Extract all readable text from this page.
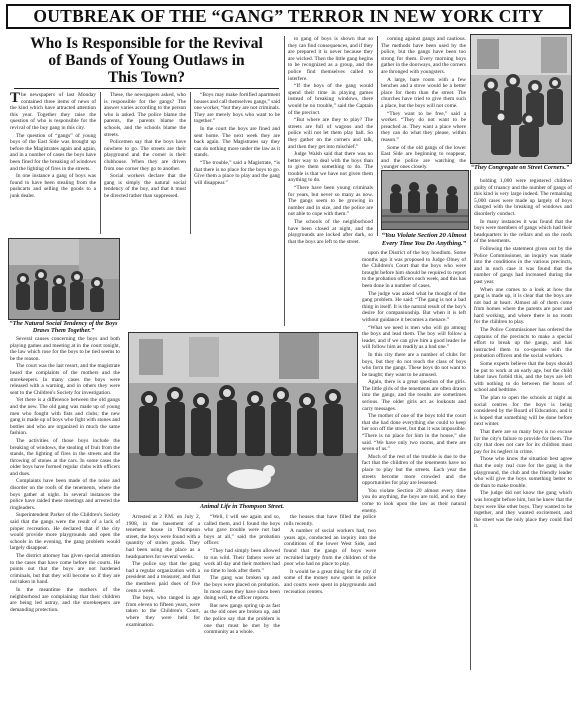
OUTBREAK OF THE “GANG” TERROR IN NEW YORK CITY
Who Is Responsible for the Revival
of Bands of Young Outlaws in
This Town?

The newspapers of last Monday contained three items of news of the kind which have attracted attention this year. Together they raise the question of who is responsible for the revival of the boy gang in this city.

The question of “gangs” of young boys of the East Side was brought up before the Magistrates again and again, and in a number of cases the boys have been fined for the breaking of windows and the lighting of fires in the streets.

In one instance a gang of boys was found to have been stealing from the pushcarts and selling the goods to a junk dealer.

These, the newspapers asked, who is responsible for the gangs? The answer varies according to the person who is asked. The police blame the parents, the parents blame the schools, and the schools blame the streets.

Policemen say that the boys have nowhere to go. The streets are their playground and the corner is their clubhouse. When they are driven from one corner they go to another.

Social workers declare that the gang is simply the natural social tendency of the boy, and that it must be directed rather than suppressed.

“Boys may make fortified apartment houses and call themselves gangs,” said one worker, “but they are not criminals. They are merely boys who want to be together.”

In the court the boys are fined and sent home. The next week they are back again. The Magistrates say they can do nothing more under the law as it stands.

“The trouble,” said a Magistrate, “is that there is no place for the boys to go. Give them a place to play and the gang will disappear.”

to gang of boys is shown that so they can find consequences, and if they are prepared it is never because they are wicked. Then the little gang begins to be recognized as a group, and the police find themselves called to interfere.

“If the boys of the gang would spend their time in playing games instead of breaking windows, there would be no trouble,” said the Captain of the precinct.

“But where are they to play? The streets are full of wagons and the police will not let them play ball. So they gather on the corners and talk, and then they get into mischief.”

Judge Walsh said that there was no better way to deal with the boys than to give them something to do. The trouble is that we have not given them anything to do.

“There have been young criminals for years, but never so many as now. The gangs seem to be growing in number and in size, and the police are not able to cope with them.”

The schools of the neighborhood have been closed at night, and the playgrounds are locked after dark, so that the boys are left to the street.

coming against gangs and cautious. The methods have been used by the police, but the gangs have been too strong for them. Every morning boys gather in the doorways, and the corners are thronged with youngsters.

A large, bare room with a few benches and a stove would be a better place for them than the street. The churches have tried to give them such a place, but the boys will not come.

“They want to be free,” said a worker. “They do not want to be preached at. They want a place where they can do what they please, within reason.”

Some of the old gangs of the lower East Side are beginning to reappear, and the police are watching the younger ones closely.	“They Congregate on Street Corners.”
“You Violate Section 20 Almost
Every Time You Do Anything.”
“The Natural Social Tendency of the Boys Draws Them Together.”

Several causes concerning the boys and both playing games and meeting at in the court tonight, the law which rose for the boys to be tied seems to be the reason.

The court was the last resort, and the magistrate heard the complaints of the mothers and the storekeepers. In many cases the boys were released with a warning, and in others they were sent to the Children's Society for investigation.

Yet there is a difference between the old gangs and the new. The old gang was made up of young men who fought with fists and clubs; the new gang is made up of boys who fight with stones and bottles and who are organized in much the same fashion.

The activities of those boys include the breaking of windows, the stealing of fruit from the stands, the lighting of fires in the streets and the throwing of stones at the cars. In some cases the older boys have formed regular clubs with officers and dues.

Complaints have been made of the noise and disorder on the roofs of the tenements, where the boys gather at night. In several instances the police have raided these meetings and arrested the ringleaders.

Superintendent Parker of the Children's Society said that the gangs were the result of a lack of proper recreation. He declared that if the city would provide more playgrounds and open the schools in the evening, the gang problem would largely disappear.

The district attorney has given special attention to the cases that have come before the courts. He points out that the boys are not hardened criminals, but that they will become so if they are not taken in hand.

In the meantime the mothers of the neighborhood are complaining that their children are being led astray, and the storekeepers are demanding protection.

Animal Life in Thompson Street.

Arrested at 2 P.M. on July 2, 1908, in the basement of a tenement house in Thompson street, the boys were found with a quantity of stolen goods. They had been using the place as a headquarters for several weeks.

The police say that the gang had a regular organization with a president and a treasurer, and that the members paid dues of five cents a week.

The boys, who ranged in age from eleven to fifteen years, were taken to the Children's Court, where they were held for examination.

“Well, I will see again and so, called them, and I found the boys who gave trouble were not bad boys at all,” said the probation officer.

“They had simply been allowed to run wild. Their fathers were at work all day and their mothers had no time to look after them.”

The gang was broken up and the boys were placed on probation. In most cases they have since been doing well, the officer reports.

But new gangs spring up as fast as the old ones are broken up, and the police say that the problem is one that must be met by the community as a whole.

the houses that have filled the police rolls recently.

A number of social workers had, two years ago, conducted an inquiry into the conditions of the lower West Side, and found that the gangs of boys were recruited largely from the children of the poor who had no place to play.

It would be a great thing for the city if some of the money now spent in police and courts were spent in playgrounds and recreation centers.

upon the District of the boy hoodlum. Some months ago it was proposed to Judge Olney of the Children's Court that the boys who were brought before him should be required to report to the probation officers each week, and this has been done in a number of cases.

The judge was asked what he thought of the gang problem. He said: “The gang is not a bad thing in itself. It is the natural result of the boy's desire for companionship. But when it is left without guidance it becomes a menace.”

“What we need is men who will go among the boys and lead them. The boy will follow a leader, and if we can give him a good leader he will follow him as readily as a bad one.”

In this city there are a number of clubs for boys, but they do not reach the class of boys who form the gangs. These boys do not want to be taught; they want to be amused.

Again, there is a great question of the girls. The little girls of the tenements are often drawn into the gangs, and the results are sometimes serious. The older girls act as lookouts and carry messages.

The mother of one of the boys told the court that she had done everything she could to keep her son off the street, but that it was impossible. “There is no place for him in the house,” she said. “We have only two rooms, and there are seven of us.”

Much of the rest of the trouble is due to the fact that the children of the tenements have no place to play but the streets. Each year the streets become more crowded and the opportunities for play are lessened.

You violate Section 20 almost every time you do anything, the boys are told, and so they come to look upon the law as their natural enemy.

holding 1,000 were registered children guilty of truancy and the number of gangs of this kind is very large indeed. The remaining 5,000 cases were made up largely of boys charged with the breaking of windows and disorderly conduct.

In many instances it was found that the boys were members of gangs which had their headquarters in the cellars and on the roofs of the tenements.

Following the statement given out by the Police Commissioner, an inquiry was made into the conditions in the various precincts, and in each case it was found that the number of gangs had increased during the past year.

When one comes to a look at how the gang is made up, it is clear that the boys are not bad at heart. Almost all of them come from homes where the parents are poor and hard working, and where there is no room for the children to play.

The Police Commissioner has ordered the captains of the precincts to make a special effort to break up the gangs, and has instructed them to co-operate with the probation officers and the social workers.

Some experts believe that the boys should be put to work at an early age, but the child labor laws forbid this, and the boys are left with nothing to do between the hours of school and bedtime.

The plan to open the schools at night as social centres for the boys is being considered by the Board of Education, and it is hoped that something will be done before next winter.

That there are so many boys is no excuse for the city's failure to provide for them. The city that does not care for its children must pay for its neglect in crime.

Those who know the situation best agree that the only real cure for the gang is the playground, the club and the friendly leader who will give the boys something better to do than to make trouble.

The judge did not know the gang which was brought before him, but he knew that the boys were like other boys. They wanted to be together, and they wanted excitement, and the street was the only place they could find it.
